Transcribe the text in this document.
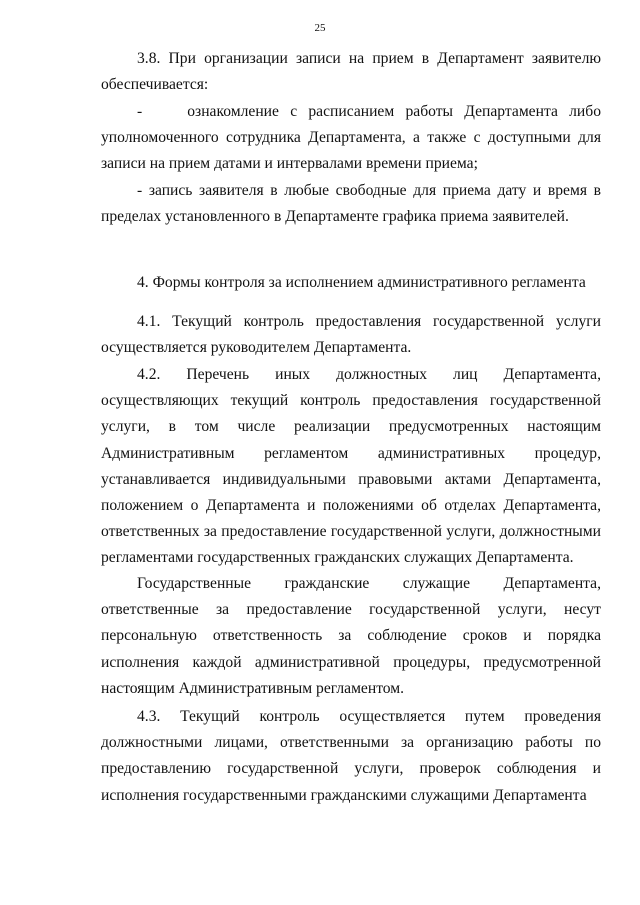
25
3.8. При организации записи на прием в Департамент заявителю обеспечивается:
-    ознакомление с расписанием работы Департамента либо уполномоченного сотрудника Департамента, а также с доступными для записи на прием датами и интервалами времени приема;
- запись заявителя в любые свободные для приема дату и время в пределах установленного в Департаменте графика приема заявителей.
4. Формы контроля за исполнением административного регламента
4.1. Текущий контроль предоставления государственной услуги осуществляется руководителем Департамента.
4.2. Перечень иных должностных лиц Департамента, осуществляющих текущий контроль предоставления государственной услуги, в том числе реализации предусмотренных настоящим Административным регламентом административных процедур, устанавливается индивидуальными правовыми актами Департамента, положением о Департамента и положениями об отделах Департамента, ответственных за предоставление государственной услуги, должностными регламентами государственных гражданских служащих Департамента.
Государственные гражданские служащие Департамента, ответственные за предоставление государственной услуги, несут персональную ответственность за соблюдение сроков и порядка исполнения каждой административной процедуры, предусмотренной настоящим Административным регламентом.
4.3. Текущий контроль осуществляется путем проведения должностными лицами, ответственными за организацию работы по предоставлению государственной услуги, проверок соблюдения и исполнения государственными гражданскими служащими Департамента
